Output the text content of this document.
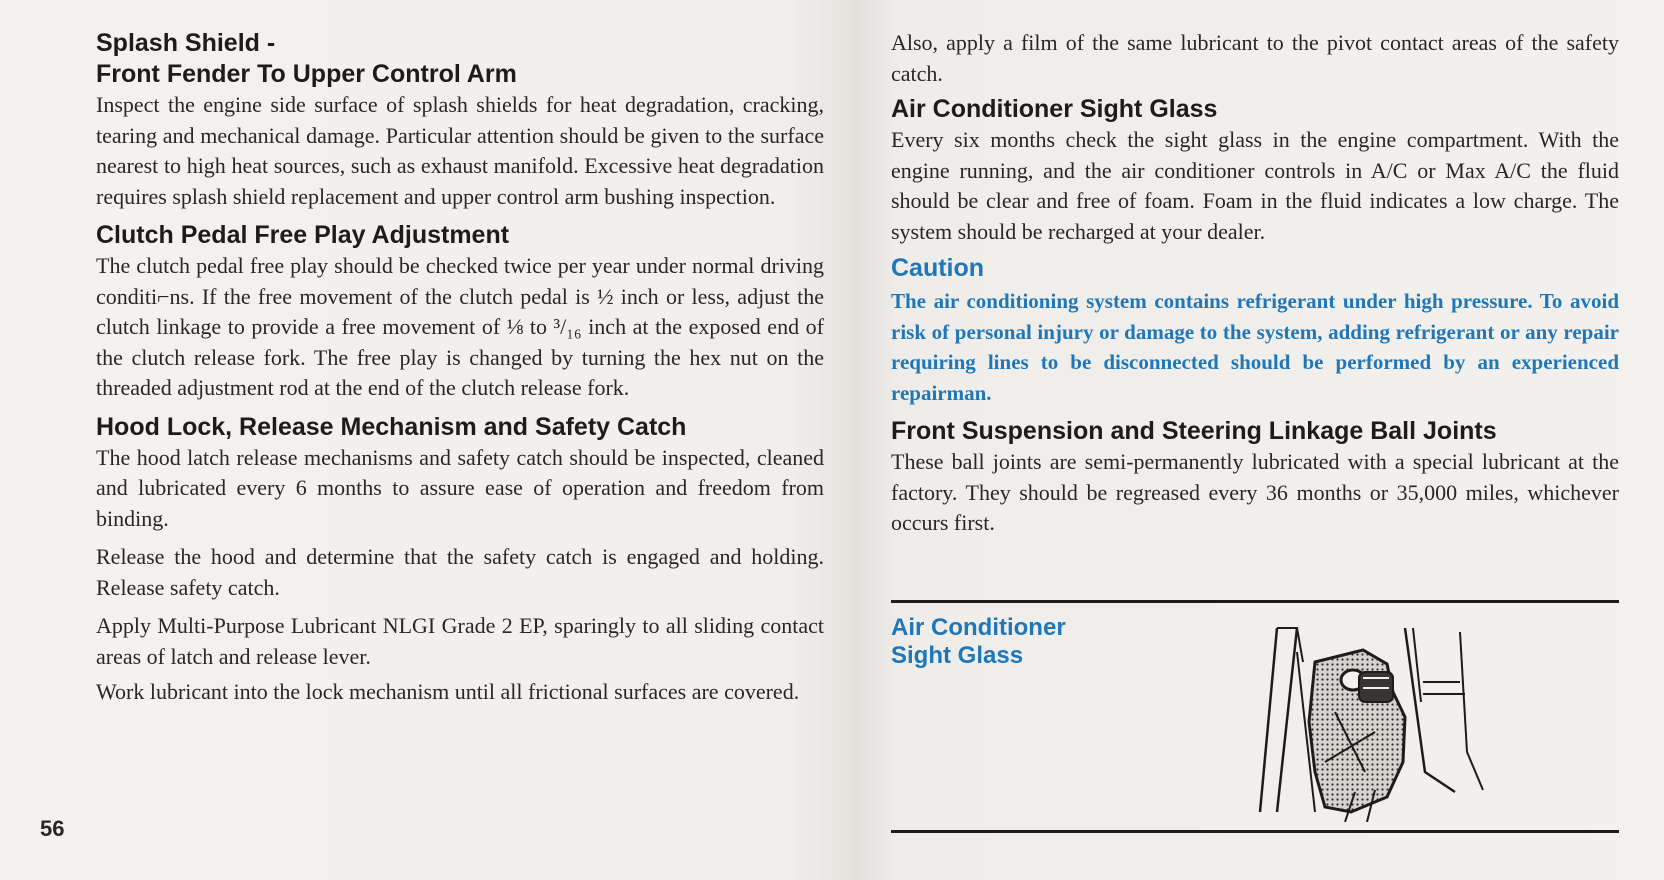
Splash Shield -
Front Fender To Upper Control Arm

Inspect the engine side surface of splash shields for heat degradation, cracking, tearing and mechanical damage. Particular attention should be given to the surface nearest to high heat sources, such as exhaust manifold. Excessive heat degradation requires splash shield replacement and upper control arm bushing inspection.

Clutch Pedal Free Play Adjustment

The clutch pedal free play should be checked twice per year under normal driving conditi⌐ns. If the free movement of the clutch pedal is ½ inch or less, adjust the clutch linkage to provide a free movement of ⅛ to ³/₁₆ inch at the exposed end of the clutch release fork. The free play is changed by turning the hex nut on the threaded adjustment rod at the end of the clutch release fork.

Hood Lock, Release Mechanism and Safety Catch

The hood latch release mechanisms and safety catch should be inspected, cleaned and lubricated every 6 months to assure ease of operation and freedom from binding.

Release the hood and determine that the safety catch is engaged and holding. Release safety catch.

Apply Multi-Purpose Lubricant NLGI Grade 2 EP, sparingly to all sliding contact areas of latch and release lever.

Work lubricant into the lock mechanism until all frictional surfaces are covered.

56

Also, apply a film of the same lubricant to the pivot contact areas of the safety catch.

Air Conditioner Sight Glass

Every six months check the sight glass in the engine compartment. With the engine running, and the air conditioner controls in A/C or Max A/C the fluid should be clear and free of foam. Foam in the fluid indicates a low charge. The system should be recharged at your dealer.

Caution

The air conditioning system contains refrigerant under high pressure. To avoid risk of personal injury or damage to the system, adding refrigerant or any repair requiring lines to be disconnected should be performed by an experienced repairman.

Front Suspension and Steering Linkage Ball Joints

These ball joints are semi-permanently lubricated with a special lubricant at the factory. They should be regreased every 36 months or 35,000 miles, whichever occurs first.

Air Conditioner
Sight Glass
